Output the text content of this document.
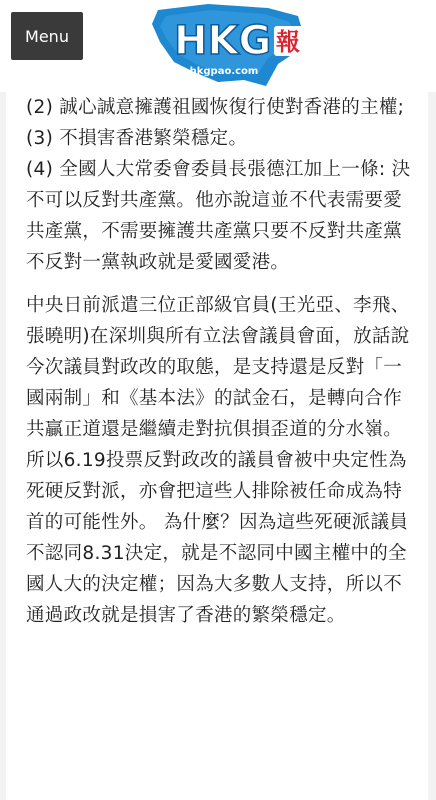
Menu	HKG 報
hkgpao.com

(2) 誠心誠意擁護祖國恢復行使對香港的主權;

(3) 不損害香港繁榮穩定。

(4) 全國人大常委會委員長張德江加上一條: 決不可以反對共產黨。他亦說這並不代表需要愛共產黨，不需要擁護共產黨只要不反對共產黨不反對一黨執政就是愛國愛港。

中央日前派遣三位正部級官員(王光亞、李飛、張曉明)在深圳與所有立法會議員會面，放話說今次議員對政改的取態，是支持還是反對「一國兩制」和《基本法》的試金石，是轉向合作共贏正道還是繼續走對抗俱損歪道的分水嶺。所以6.19投票反對政改的議員會被中央定性為死硬反對派，亦會把這些人排除被任命成為特首的可能性外。 為什麼？因為這些死硬派議員不認同8.31決定，就是不認同中國主權中的全國人大的決定權；因為大多數人支持，所以不通過政改就是損害了香港的繁榮穩定。
